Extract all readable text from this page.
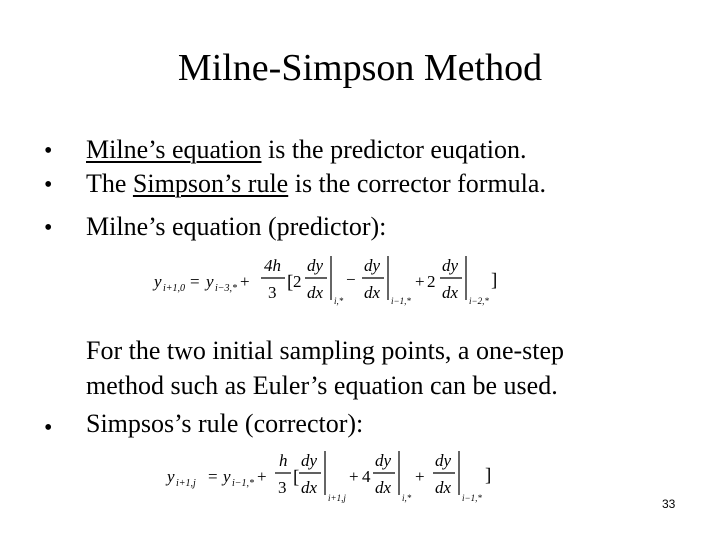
Milne-Simpson Method
• Milne’s equation is the predictor euqation.
• The Simpson’s rule is the corrector formula.
• Milne’s equation (predictor):
y i+1,0 = y i−3,* +
4h
3 [ 2
dy
dx i,*
−
dy
dx i−1,*
+ 2
dy
dx i−2,*
]
For the two initial sampling points, a one-step
method such as Euler’s equation can be used.
• Simpsos’s rule (corrector):
y i+1,j = y i−1,* +
h
3 [
dy
dx
i+1,j
+ 4
dy
dx
i,*
+
dy
dx
i−1,*
]
33
